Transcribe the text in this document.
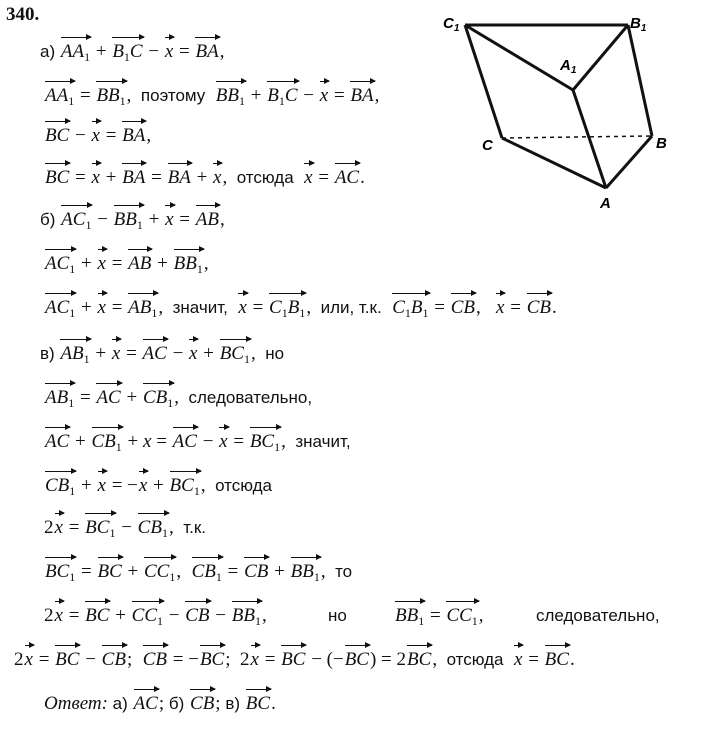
340.	$C_1$	$B_1$
$A_1$
C	B
A
а) $AA_1 + B_1C - x$ = BA,
$AA_1 = BB_1$,  поэтому $BB_1 + B_1C - x$ = BA,
BC − x = BA,
BC = x + BA = BA + x,  отсюда x = AC.
б) $AC_1 - BB_1 + x$ = AB,
$AC_1 + x$ = AB + $BB_1$,
$AC_1 + x = AB_1$,  значит, $x = C_1B_1$,  или, т.к. $C_1B_1$ = CB,   x = CB.
в) $AB_1 + x$ = AC − $x + BC_1$,  но
$AB_1$ = AC + $CB_1$,  следовательно,
AC + $CB_1 + x$ = AC − $x = BC_1$,  значит,
$CB_1 + x = -x + BC_1$,  отсюда
$2x = BC_1 - CB_1$,  т.к.
$BC_1$ = BC + $CC_1$,  $CB_1$ = CB + $BB_1$,  то
2x = BC + $CC_1$ − CB − $BB_1$,	но	$BB_1 = CC_1$,	следовательно,
2x = BC − CB;  CB = −BC;  2x = BC − (−BC) = 2BC,  отсюда x = BC.
Ответ: а) AC; б) CB; в) BC.
